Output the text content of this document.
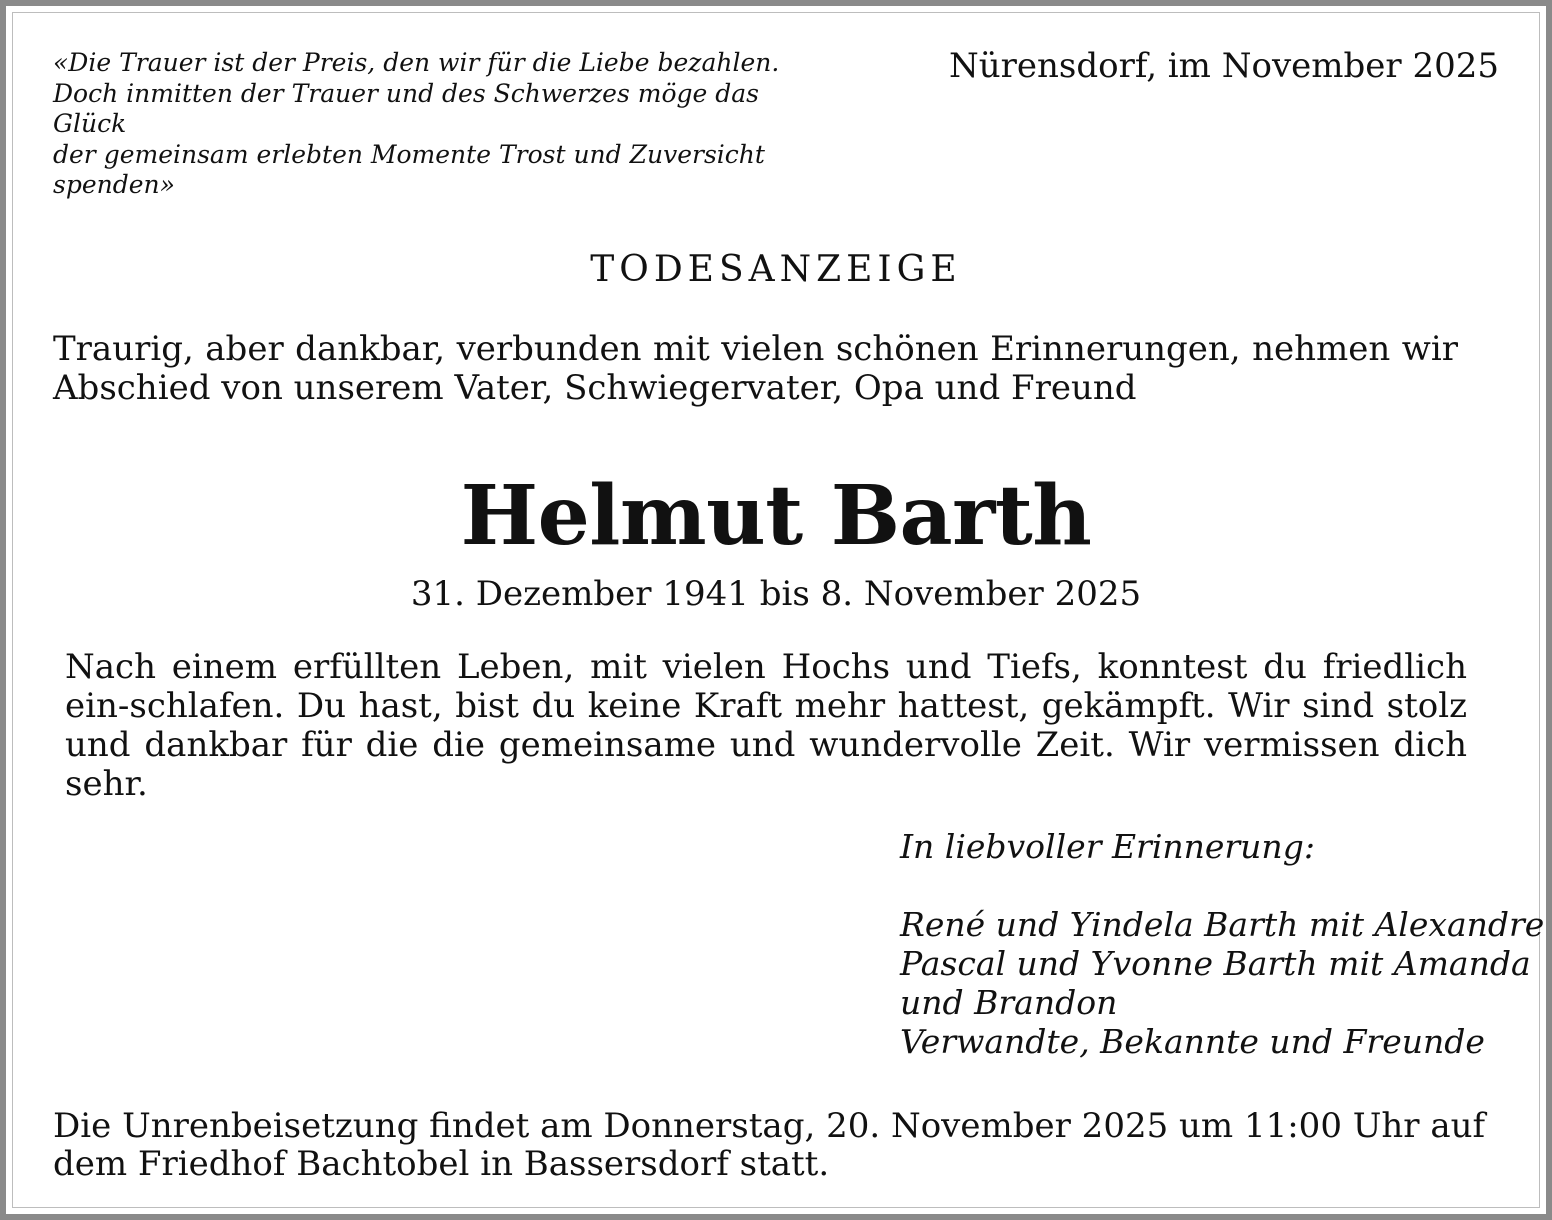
«Die Trauer ist der Preis, den wir für die Liebe bezahlen.
Doch inmitten der Trauer und des Schwerzes möge das Glück
der gemeinsam erlebten Momente Trost und Zuversicht
spenden»
Nürensdorf, im November 2025
TODESANZEIGE
Traurig, aber dankbar, verbunden mit vielen schönen Erinnerungen, nehmen wir Abschied von unserem Vater, Schwiegervater, Opa und Freund
Helmut Barth
31. Dezember 1941 bis 8. November 2025
Nach einem erfüllten Leben, mit vielen Hochs und Tiefs, konntest du friedlich ein-schlafen. Du hast, bist du keine Kraft mehr hattest, gekämpft. Wir sind stolz und dankbar für die die gemeinsame und wundervolle Zeit. Wir vermissen dich sehr.
In liebvoller Erinnerung:
René und Yindela Barth mit Alexandre
Pascal und Yvonne Barth mit Amanda
und Brandon
Verwandte, Bekannte und Freunde
Die Unrenbeisetzung findet am Donnerstag, 20. November 2025 um 11:00 Uhr auf dem Friedhof Bachtobel in Bassersdorf statt.
